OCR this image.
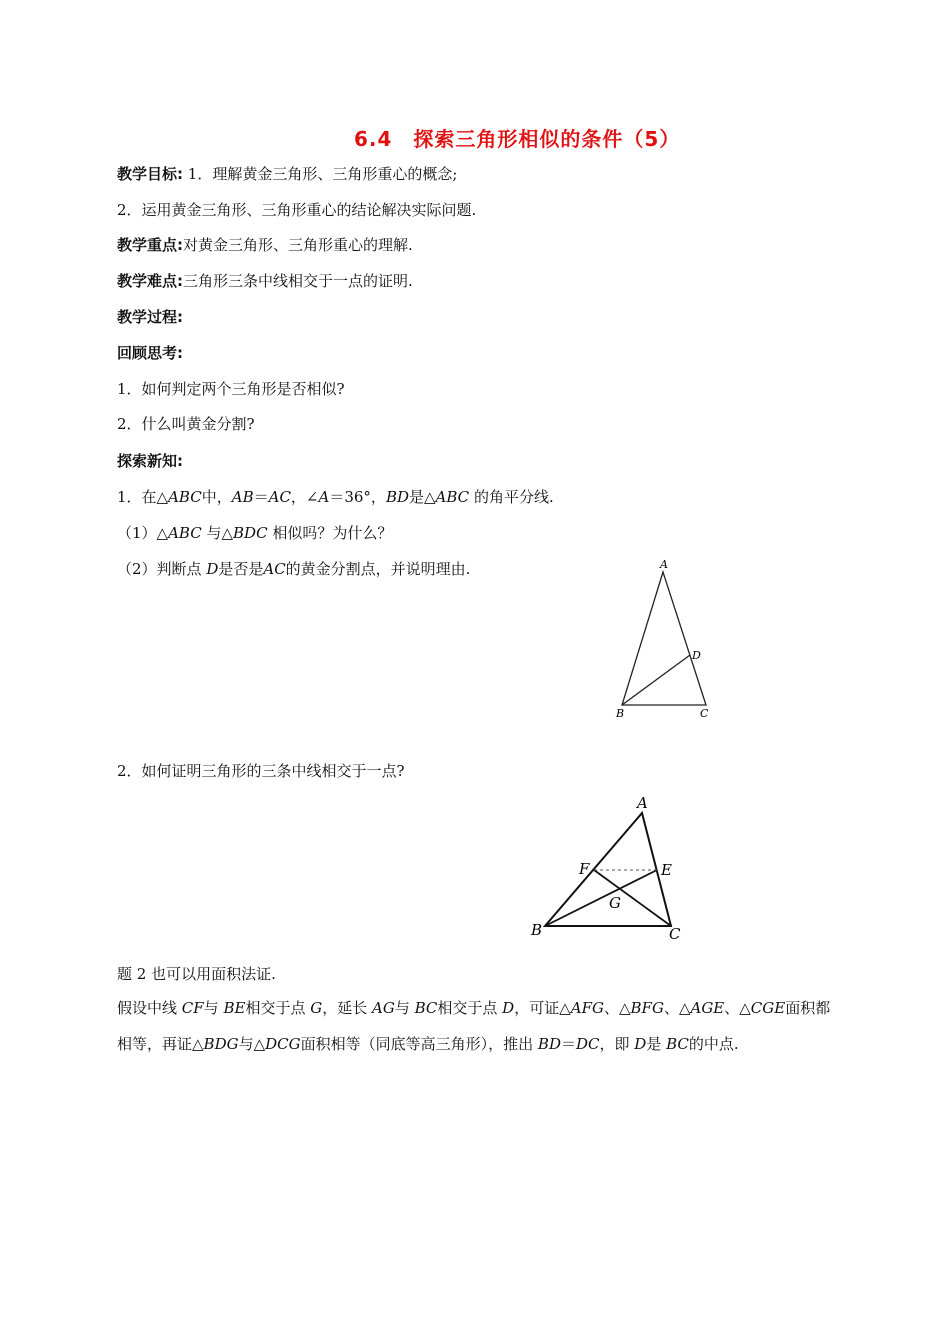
6.4　探索三角形相似的条件（5）
教学目标: 1．理解黄金三角形、三角形重心的概念;
2．运用黄金三角形、三角形重心的结论解决实际问题.
教学重点:对黄金三角形、三角形重心的理解.
教学难点:三角形三条中线相交于一点的证明.
教学过程:
回顾思考:
1．如何判定两个三角形是否相似?
2．什么叫黄金分割?
探索新知:
1．在△ABC中，AB＝AC，∠A＝36°，BD是△ABC 的角平分线.
（1）△ABC 与△BDC 相似吗？为什么？
（2）判断点 D是否是AC的黄金分割点，并说明理由.	A
B	C
D
2．如何证明三角形的三条中线相交于一点?
A
B	C
E
F
G
题 2 也可以用面积法证.
假设中线 CF与 BE相交于点 G，延长 AG与 BC相交于点 D，可证△AFG、△BFG、△AGE、△CGE面积都相等，再证△BDG与△DCG面积相等（同底等高三角形），推出 BD＝DC，即 D是 BC的中点.
